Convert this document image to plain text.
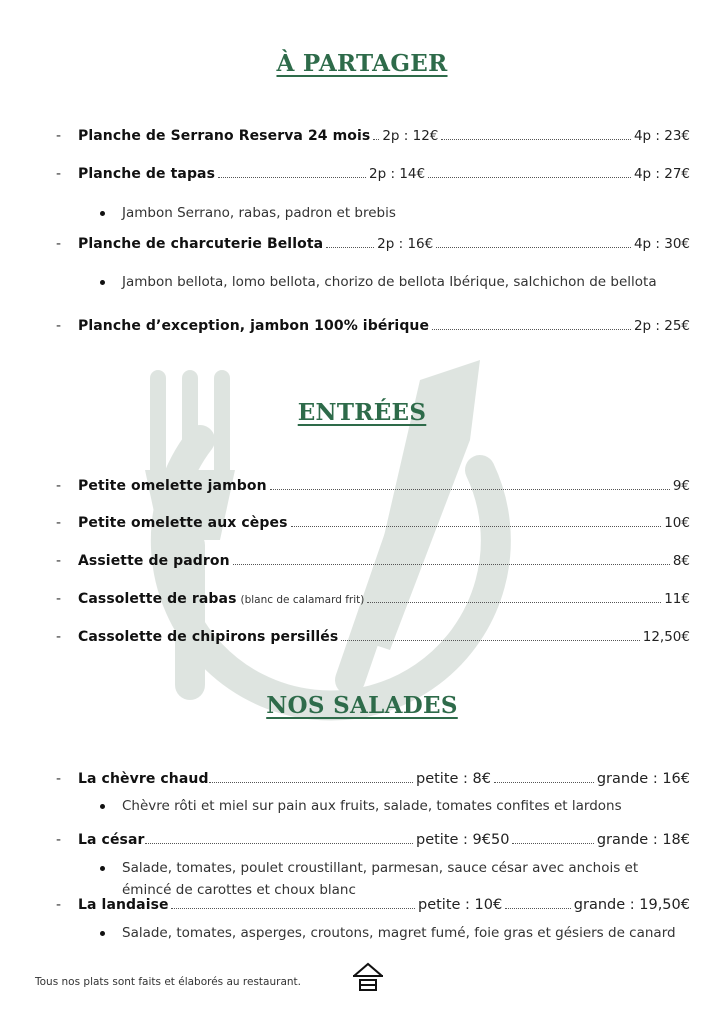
À PARTAGER
-	Planche de Serrano Reserva 24 mois 2p : 12€	4p : 23€
-	Planche de tapas	2p : 14€	4p : 27€
Jambon Serrano, rabas, padron et brebis
-	Planche de charcuterie Bellota	2p : 16€	4p : 30€
Jambon bellota, lomo bellota, chorizo de bellota Ibérique, salchichon de bellota
-	Planche d’exception, jambon 100% ibérique	2p : 25€
ENTRÉES
-	Petite omelette jambon	9€
-	Petite omelette aux cèpes	10€
-	Assiette de padron	8€
-	Cassolette de rabas (blanc de calamard frit)	11€
-	Cassolette de chipirons persillés	12,50€
NOS SALADES
-	La chèvre chaud	petite : 8€	grande : 16€
Chèvre rôti et miel sur pain aux fruits, salade, tomates confites et lardons
-	La césar	petite : 9€50	grande : 18€
Salade, tomates, poulet croustillant, parmesan, sauce césar avec anchois et émincé de carottes et choux blanc
-	La landaise	petite : 10€	grande : 19,50€
Salade, tomates, asperges, croutons, magret fumé, foie gras et gésiers de canard
Tous nos plats sont faits et élaborés au restaurant.
